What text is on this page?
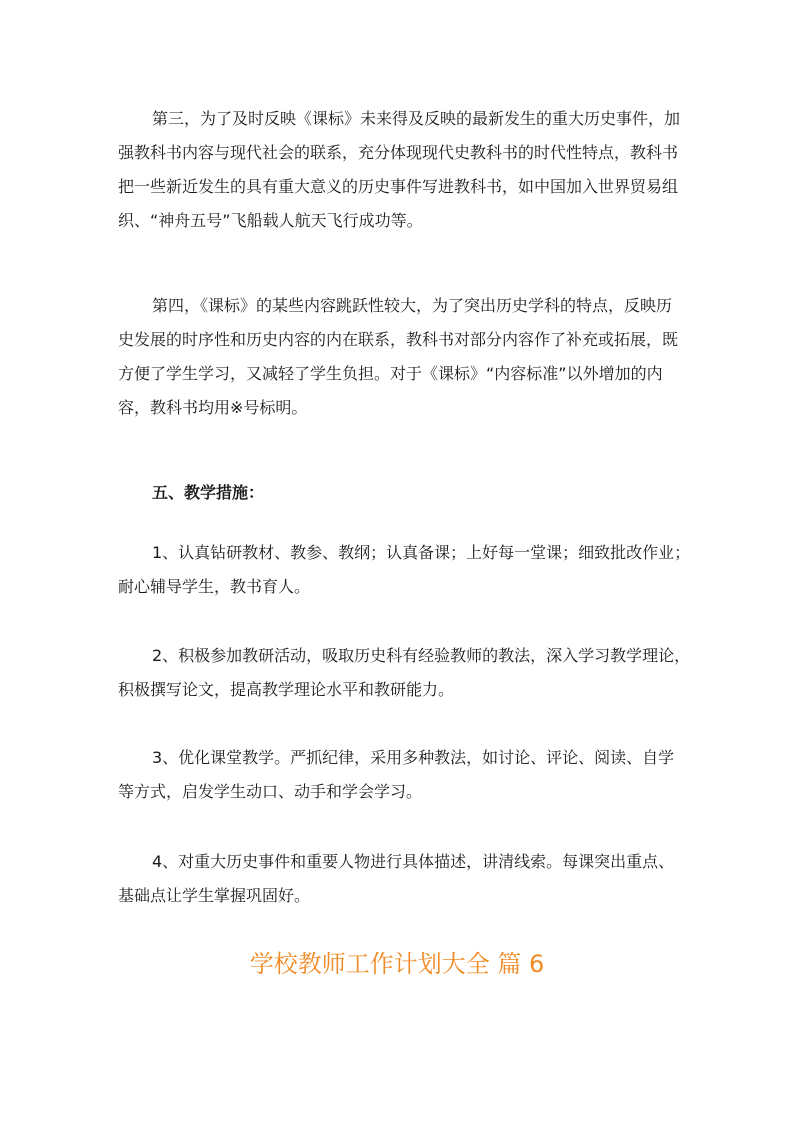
第三，为了及时反映《课标》未来得及反映的最新发生的重大历史事件，加
强教科书内容与现代社会的联系，充分体现现代史教科书的时代性特点，教科书
把一些新近发生的具有重大意义的历史事件写进教科书，如中国加入世界贸易组
织、“神舟五号”飞船载人航天飞行成功等。

第四，《课标》的某些内容跳跃性较大，为了突出历史学科的特点，反映历
史发展的时序性和历史内容的内在联系，教科书对部分内容作了补充或拓展，既
方便了学生学习，又减轻了学生负担。对于《课标》“内容标准”以外增加的内
容，教科书均用※号标明。

五、教学措施：

1、认真钻研教材、教参、教纲；认真备课；上好每一堂课；细致批改作业；
耐心辅导学生，教书育人。

2、积极参加教研活动，吸取历史科有经验教师的教法，深入学习教学理论，
积极撰写论文，提高教学理论水平和教研能力。

3、优化课堂教学。严抓纪律，采用多种教法，如讨论、评论、阅读、自学
等方式，启发学生动口、动手和学会学习。

4、对重大历史事件和重要人物进行具体描述，讲清线索。每课突出重点、
基础点让学生掌握巩固好。

学校教师工作计划大全 篇 6
